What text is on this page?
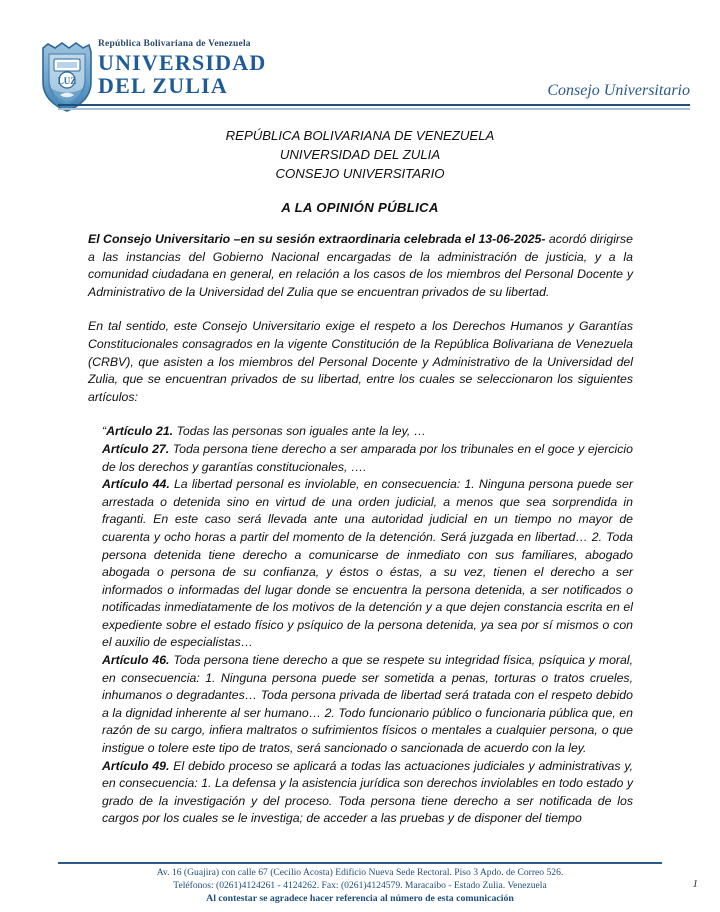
LUZ
República Bolivariana de Venezuela
UNIVERSIDAD
DEL ZULIA	Consejo Universitario
REPÚBLICA BOLIVARIANA DE VENEZUELA
UNIVERSIDAD DEL ZULIA
CONSEJO UNIVERSITARIO
A LA OPINIÓN PÚBLICA

El Consejo Universitario –en su sesión extraordinaria celebrada el 13-06-2025- acordó dirigirse a las instancias del Gobierno Nacional encargadas de la administración de justicia, y a la comunidad ciudadana en general, en relación a los casos de los miembros del Personal Docente y Administrativo de la Universidad del Zulia que se encuentran privados de su libertad.

En tal sentido, este Consejo Universitario exige el respeto a los Derechos Humanos y Garantías Constitucionales consagrados en la vigente Constitución de la República Bolivariana de Venezuela (CRBV), que asisten a los miembros del Personal Docente y Administrativo de la Universidad del Zulia, que se encuentran privados de su libertad, entre los cuales se seleccionaron los siguientes artículos:

“Artículo 21. Todas las personas son iguales ante la ley, …

Artículo 27. Toda persona tiene derecho a ser amparada por los tribunales en el goce y ejercicio de los derechos y garantías constitucionales, ….

Artículo 44. La libertad personal es inviolable, en consecuencia: 1. Ninguna persona puede ser arrestada o detenida sino en virtud de una orden judicial, a menos que sea sorprendida in fraganti. En este caso será llevada ante una autoridad judicial en un tiempo no mayor de cuarenta y ocho horas a partir del momento de la detención. Será juzgada en libertad… 2. Toda persona detenida tiene derecho a comunicarse de inmediato con sus familiares, abogado abogada o persona de su confianza, y éstos o éstas, a su vez, tienen el derecho a ser informados o informadas del lugar donde se encuentra la persona detenida, a ser notificados o notificadas inmediatamente de los motivos de la detención y a que dejen constancia escrita en el expediente sobre el estado físico y psíquico de la persona detenida, ya sea por sí mismos o con el auxilio de especialistas…

Artículo 46. Toda persona tiene derecho a que se respete su integridad física, psíquica y moral, en consecuencia: 1. Ninguna persona puede ser sometida a penas, torturas o tratos crueles, inhumanos o degradantes… Toda persona privada de libertad será tratada con el respeto debido a la dignidad inherente al ser humano… 2. Todo funcionario público o funcionaria pública que, en razón de su cargo, infiera maltratos o sufrimientos físicos o mentales a cualquier persona, o que instigue o tolere este tipo de tratos, será sancionado o sancionada de acuerdo con la ley.

Artículo 49. El debido proceso se aplicará a todas las actuaciones judiciales y administrativas y, en consecuencia: 1. La defensa y la asistencia jurídica son derechos inviolables en todo estado y grado de la investigación y del proceso. Toda persona tiene derecho a ser notificada de los cargos por los cuales se le investiga; de acceder a las pruebas y de disponer del tiempo

Av. 16 (Guajira) con calle 67 (Cecilio Acosta) Edificio Nueva Sede Rectoral. Piso 3 Apdo. de Correo 526.
Teléfonos: (0261)4124261 - 4124262. Fax: (0261)4124579. Maracaibo - Estado Zulia. Venezuela
Al contestar se agradece hacer referencia al número de esta comunicación
1
